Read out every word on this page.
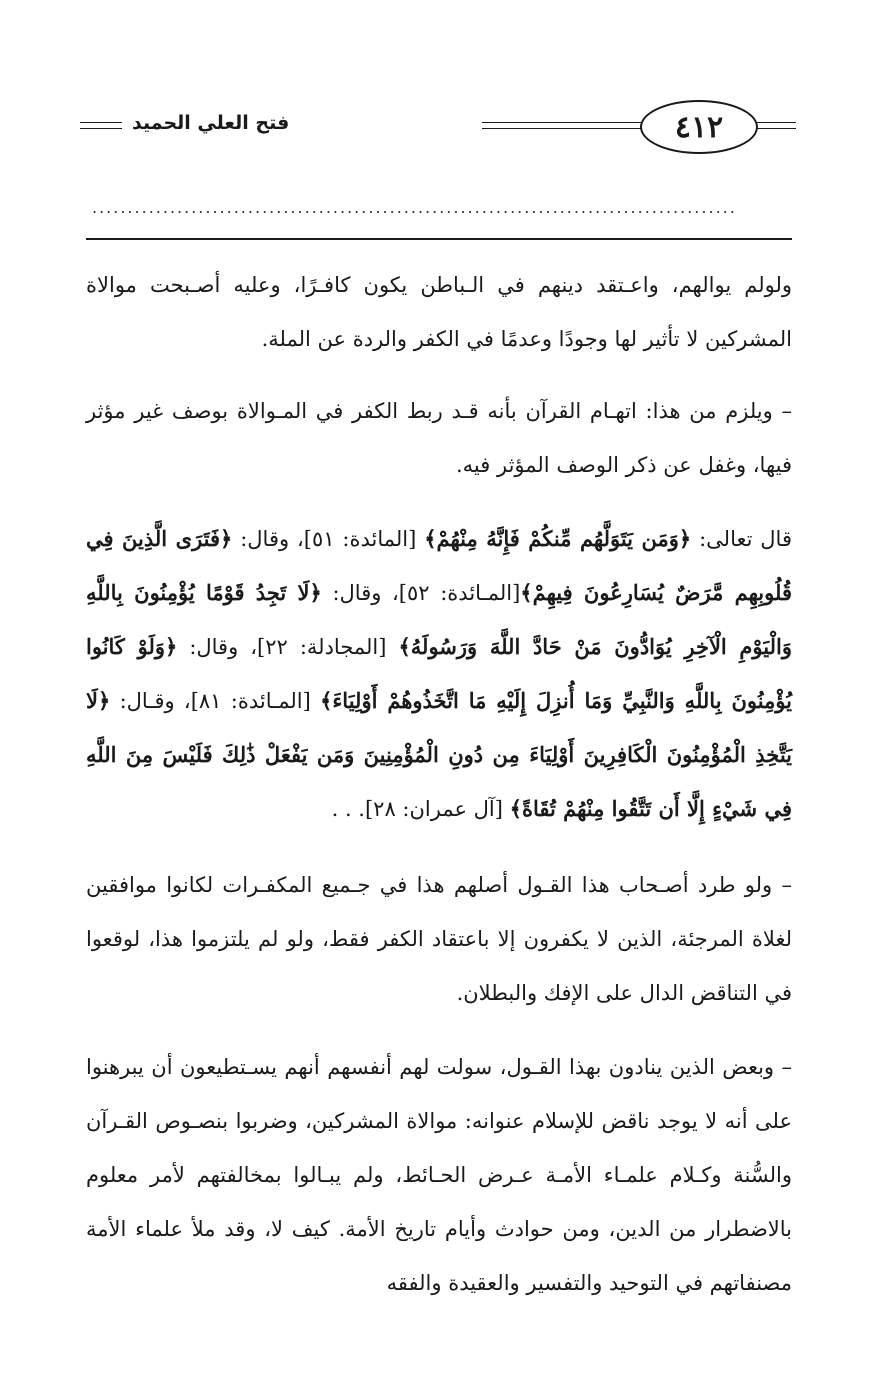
٤١٢
فتح العلي الحميد
...........................................................................................

ولولم يوالهم، واعـتقد دينهم في الـباطن يكون كافـرًا، وعليه أصـبحت موالاة المشركين لا تأثير لها وجودًا وعدمًا في الكفر والردة عن الملة.

– ويلزم من هذا: اتهـام القرآن بأنه قـد ربط الكفر في المـوالاة بوصف غير مؤثر فيها، وغفل عن ذكر الوصف المؤثر فيه.

قال تعالى: ﴿وَمَن يَتَوَلَّهُم مِّنكُمْ فَإِنَّهُ مِنْهُمْ﴾ [المائدة: ٥١]، وقال: ﴿فَتَرَى الَّذِينَ فِي قُلُوبِهِم مَّرَضٌ يُسَارِعُونَ فِيهِمْ﴾[المـائدة: ٥٢]، وقال: ﴿لَا تَجِدُ قَوْمًا يُؤْمِنُونَ بِاللَّهِ وَالْيَوْمِ الْآخِرِ يُوَادُّونَ مَنْ حَادَّ اللَّهَ وَرَسُولَهُ﴾ [المجادلة: ٢٢]، وقال: ﴿وَلَوْ كَانُوا يُؤْمِنُونَ بِاللَّهِ وَالنَّبِيِّ وَمَا أُنزِلَ إِلَيْهِ مَا اتَّخَذُوهُمْ أَوْلِيَاءَ﴾ [المـائدة: ٨١]، وقـال: ﴿لَا يَتَّخِذِ الْمُؤْمِنُونَ الْكَافِرِينَ أَوْلِيَاءَ مِن دُونِ الْمُؤْمِنِينَ وَمَن يَفْعَلْ ذَٰلِكَ فَلَيْسَ مِنَ اللَّهِ فِي شَيْءٍ إِلَّا أَن تَتَّقُوا مِنْهُمْ تُقَاةً﴾ [آل عمران: ٢٨]. . .

– ولو طرد أصـحاب هذا القـول أصلهم هذا في جـميع المكفـرات لكانوا موافقين لغلاة المرجئة، الذين لا يكفرون إلا باعتقاد الكفر فقط، ولو لم يلتزموا هذا، لوقعوا في التناقض الدال على الإفك والبطلان.

– وبعض الذين ينادون بهذا القـول، سولت لهم أنفسهم أنهم يسـتطيعون أن يبرهنوا على أنه لا يوجد ناقض للإسلام عنوانه: موالاة المشركين، وضربوا بنصـوص القـرآن والسُّنة وكـلام علمـاء الأمـة عـرض الحـائط، ولم يبـالوا بمخالفتهم لأمر معلوم بالاضطرار من الدين، ومن حوادث وأيام تاريخ الأمة. كيف لا، وقد ملأ علماء الأمة مصنفاتهم في التوحيد والتفسير والعقيدة والفقه
